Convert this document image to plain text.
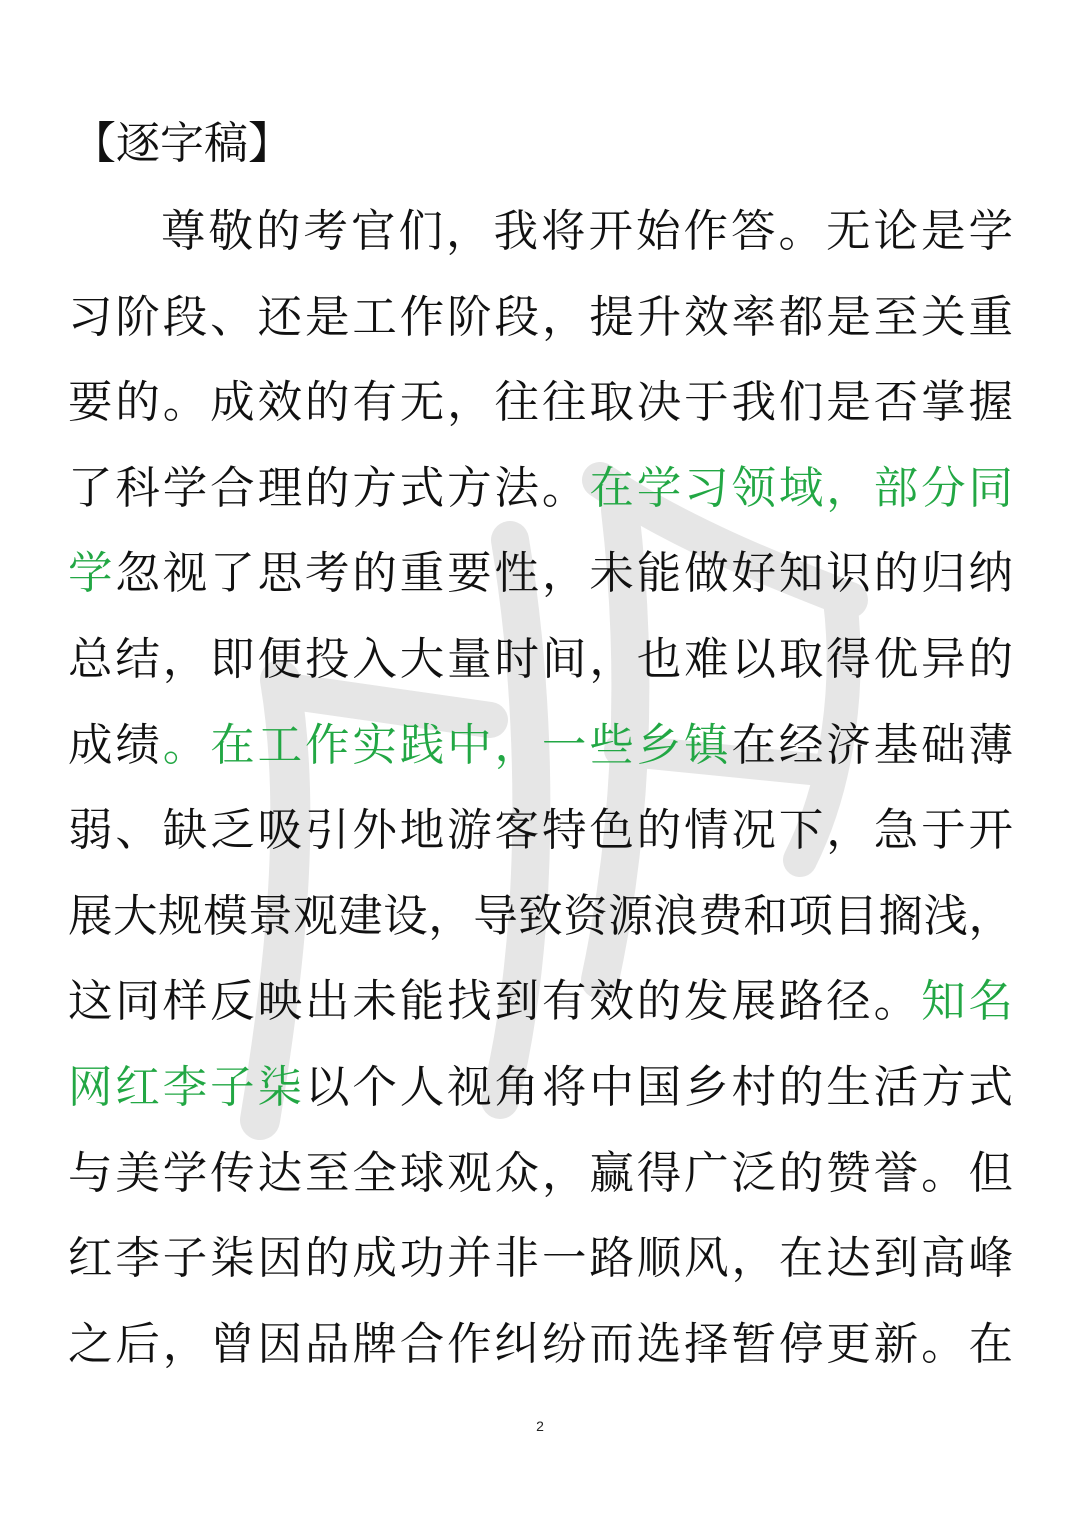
【逐字稿】
尊敬的考官们，我将开始作答。无论是学
习阶段、还是工作阶段，提升效率都是至关重
要的。成效的有无，往往取决于我们是否掌握
了科学合理的方式方法。在学习领域，部分同
学忽视了思考的重要性，未能做好知识的归纳
总结，即便投入大量时间，也难以取得优异的
成绩。在工作实践中，一些乡镇在经济基础薄
弱、缺乏吸引外地游客特色的情况下，急于开
展大规模景观建设，导致资源浪费和项目搁浅，
这同样反映出未能找到有效的发展路径。知名
网红李子柒以个人视角将中国乡村的生活方式
与美学传达至全球观众，赢得广泛的赞誉。但
红李子柒因的成功并非一路顺风，在达到高峰
之后，曾因品牌合作纠纷而选择暂停更新。在
2
